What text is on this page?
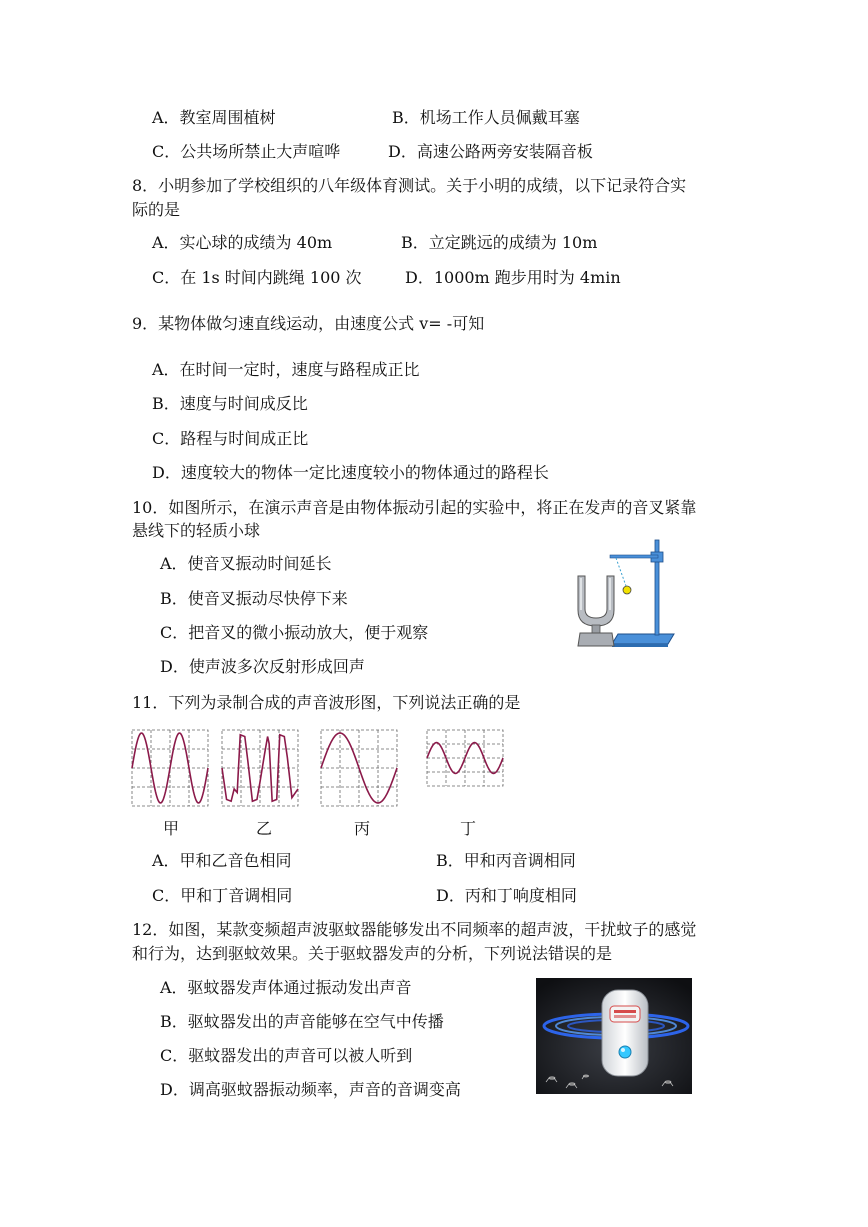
A．教室周围植树	B．机场工作人员佩戴耳塞
C．公共场所禁止大声喧哗	D．高速公路两旁安装隔音板
8．小明参加了学校组织的八年级体育测试。关于小明的成绩，以下记录符合实
际的是
A．实心球的成绩为 40m	B．立定跳远的成绩为 10m
C．在 1s 时间内跳绳 100 次	D．1000m 跑步用时为 4min
9．某物体做匀速直线运动，由速度公式 v= -可知
A．在时间一定时，速度与路程成正比
B．速度与时间成反比
C．路程与时间成正比
D．速度较大的物体一定比速度较小的物体通过的路程长
10．如图所示，在演示声音是由物体振动引起的实验中，将正在发声的音叉紧靠
悬线下的轻质小球
A．使音叉振动时间延长
B．使音叉振动尽快停下来
C．把音叉的微小振动放大，便于观察
D．使声波多次反射形成回声
11．下列为录制合成的声音波形图，下列说法正确的是
甲	乙	丙	丁
A．甲和乙音色相同	B．甲和丙音调相同
C．甲和丁音调相同	D．丙和丁响度相同
12．如图，某款变频超声波驱蚊器能够发出不同频率的超声波，干扰蚊子的感觉
和行为，达到驱蚊效果。关于驱蚊器发声的分析，下列说法错误的是
A．驱蚊器发声体通过振动发出声音
B．驱蚊器发出的声音能够在空气中传播
C．驱蚊器发出的声音可以被人听到
D．调高驱蚊器振动频率，声音的音调变高
